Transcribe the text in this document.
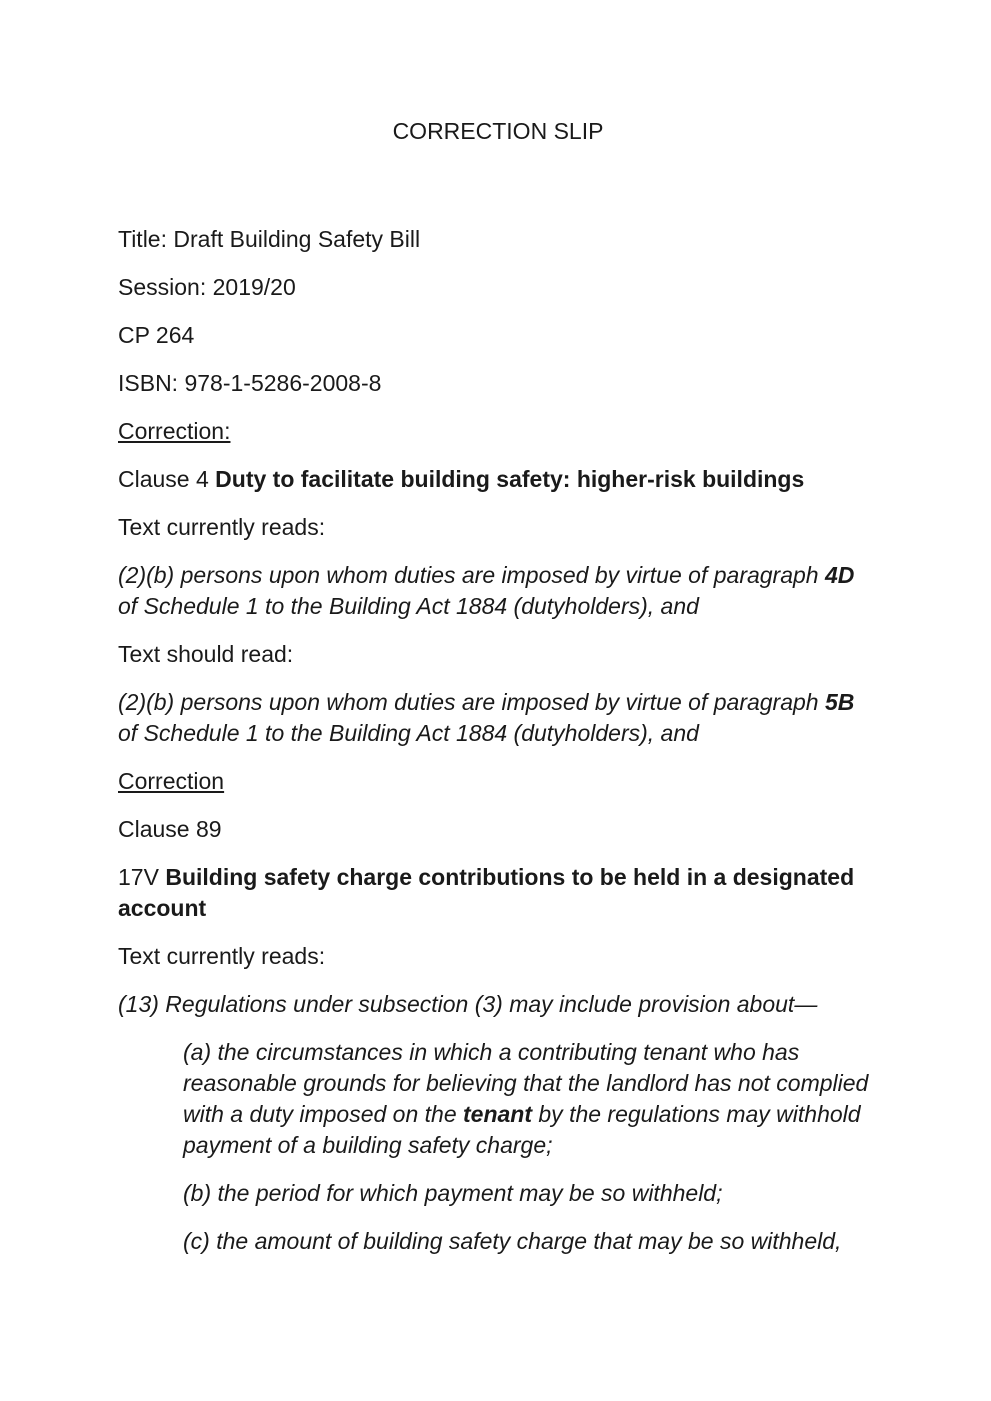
CORRECTION SLIP

Title: Draft Building Safety Bill

Session: 2019/20

CP 264

ISBN: 978-1-5286-2008-8

Correction:

Clause 4 Duty to facilitate building safety: higher-risk buildings

Text currently reads:

(2)(b) persons upon whom duties are imposed by virtue of paragraph 4D of Schedule 1 to the Building Act 1884 (dutyholders), and

Text should read:

(2)(b) persons upon whom duties are imposed by virtue of paragraph 5B of Schedule 1 to the Building Act 1884 (dutyholders), and

Correction

Clause 89

17V Building safety charge contributions to be held in a designated account

Text currently reads:

(13) Regulations under subsection (3) may include provision about—

(a) the circumstances in which a contributing tenant who has reasonable grounds for believing that the landlord has not complied with a duty imposed on the tenant by the regulations may withhold payment of a building safety charge;

(b) the period for which payment may be so withheld;

(c) the amount of building safety charge that may be so withheld,
